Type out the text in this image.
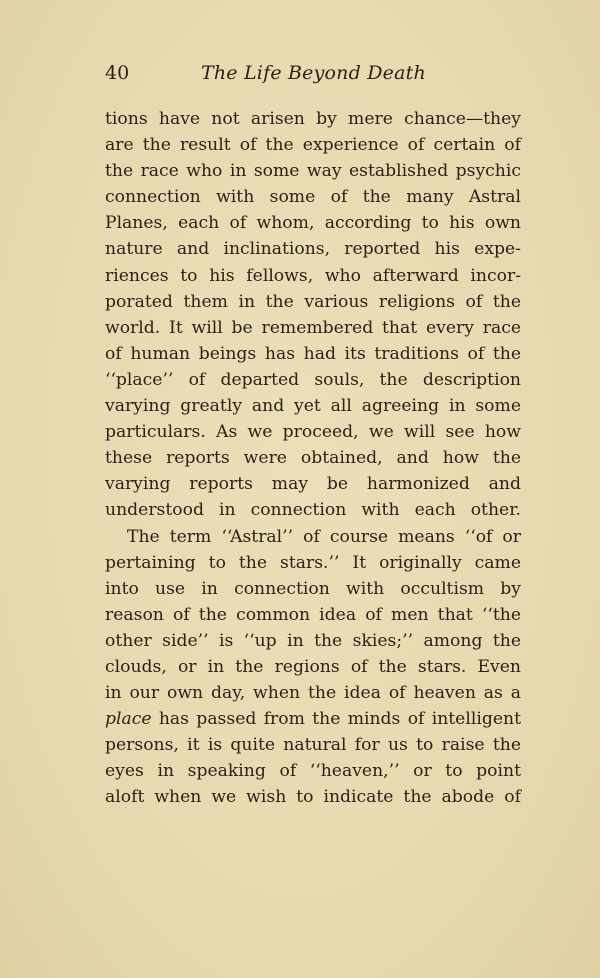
40	The Life Beyond Death
tions have not arisen by mere chance—they
are the result of the experience of certain of
the race who in some way established psychic
connection with some of the many Astral
Planes, each of whom, according to his own
nature and inclinations, reported his expe-
riences to his fellows, who afterward incor-
porated them in the various religions of the
world. It will be remembered that every race
of human beings has had its traditions of the
‘‘place’’ of departed souls, the description
varying greatly and yet all agreeing in some
particulars. As we proceed, we will see how
these reports were obtained, and how the
varying reports may be harmonized and
understood in connection with each other.
The term ‘‘Astral’’ of course means ‘‘of or
pertaining to the stars.’’ It originally came
into use in connection with occultism by
reason of the common idea of men that ‘‘the
other side’’ is ‘‘up in the skies;’’ among the
clouds, or in the regions of the stars. Even
in our own day, when the idea of heaven as a
place has passed from the minds of intelligent
persons, it is quite natural for us to raise the
eyes in speaking of ‘‘heaven,’’ or to point
aloft when we wish to indicate the abode of
